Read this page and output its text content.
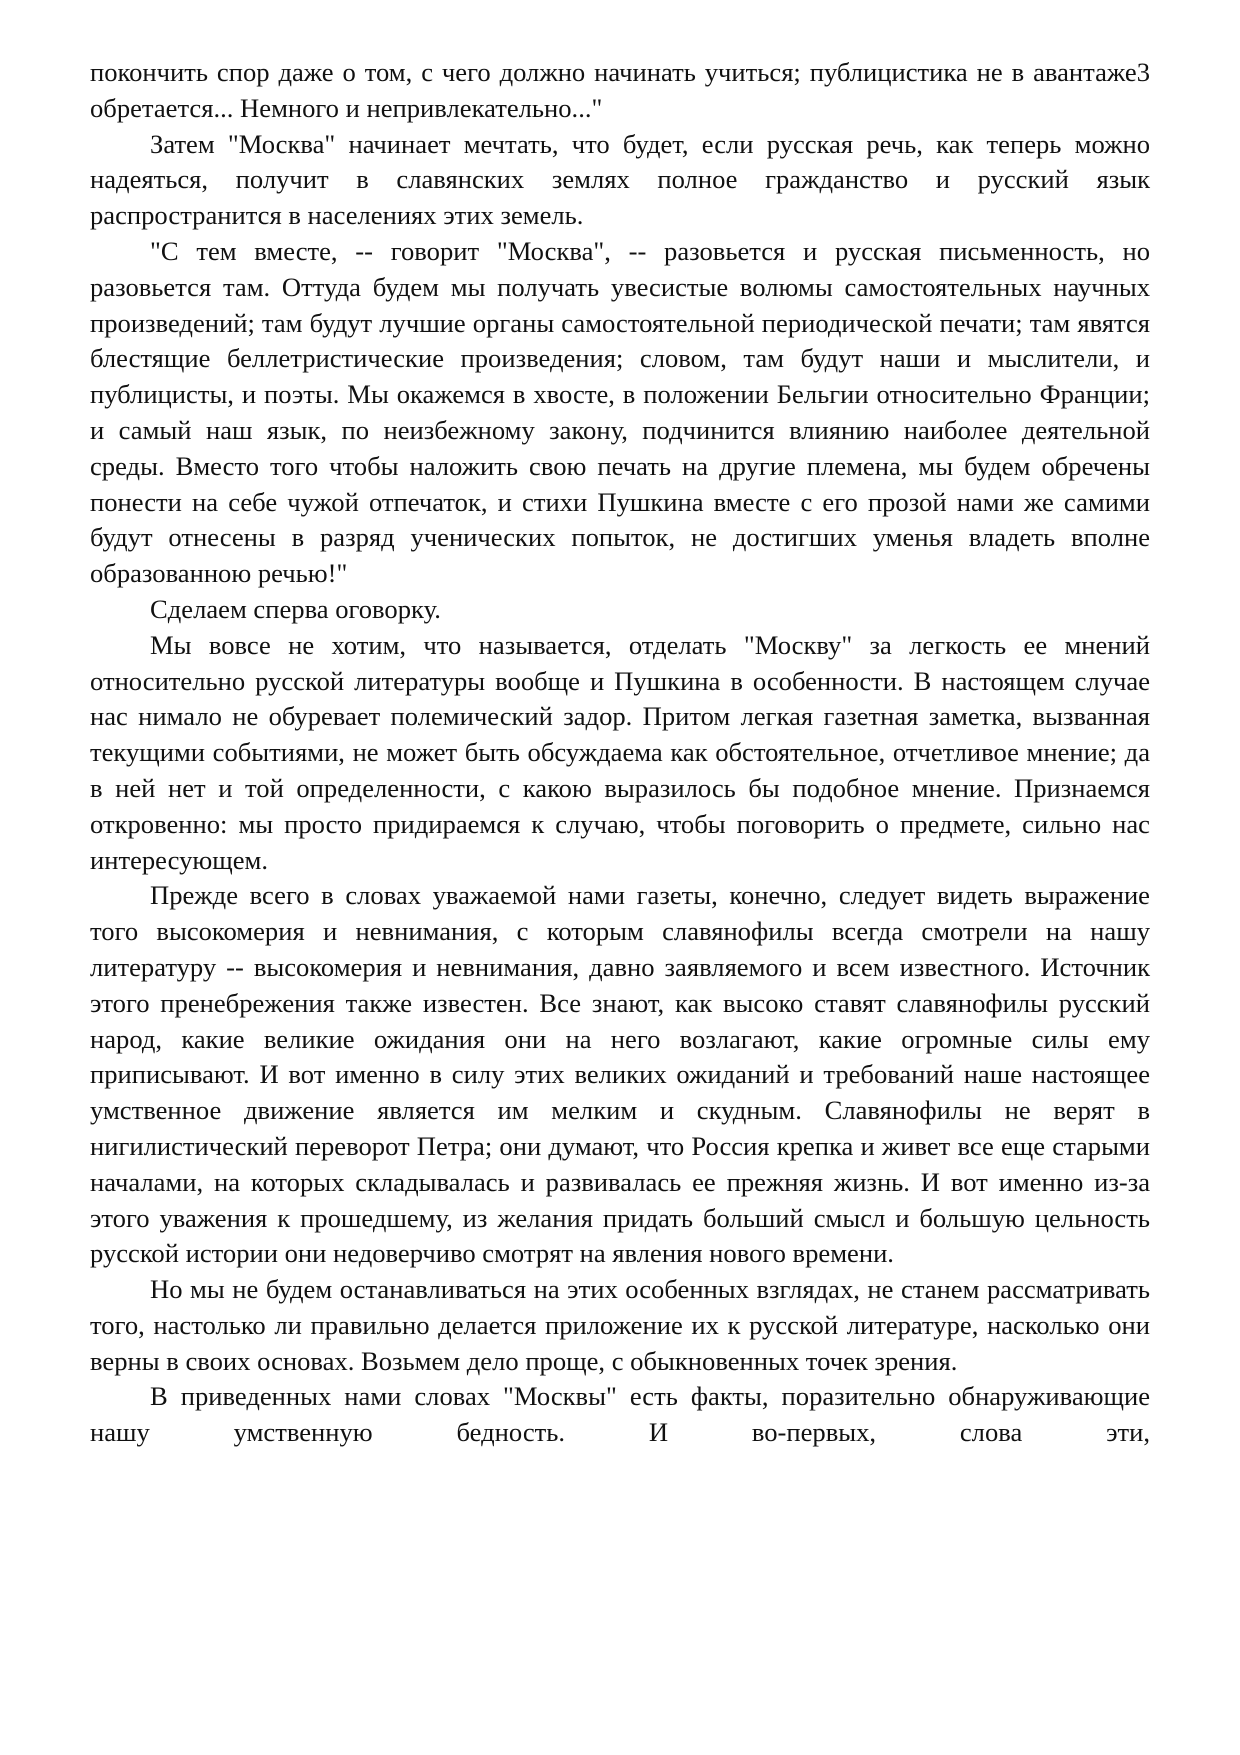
покончить спор даже о том, с чего должно начинать учиться; публицистика не в авантаже3 обретается... Немного и непривлекательно..."

Затем "Москва" начинает мечтать, что будет, если русская речь, как теперь можно надеяться, получит в славянских землях полное гражданство и русский язык распространится в населениях этих земель.

"С тем вместе, -- говорит "Москва", -- разовьется и русская письменность, но разовьется там. Оттуда будем мы получать увесистые волюмы самостоятельных научных произведений; там будут лучшие органы самостоятельной периодической печати; там явятся блестящие беллетристические произведения; словом, там будут наши и мыслители, и публицисты, и поэты. Мы окажемся в хвосте, в положении Бельгии относительно Франции; и самый наш язык, по неизбежному закону, подчинится влиянию наиболее деятельной среды. Вместо того чтобы наложить свою печать на другие племена, мы будем обречены понести на себе чужой отпечаток, и стихи Пушкина вместе с его прозой нами же самими будут отнесены в разряд ученических попыток, не достигших уменья владеть вполне образованною речью!"

Сделаем сперва оговорку.

Мы вовсе не хотим, что называется, отделать "Москву" за легкость ее мнений относительно русской литературы вообще и Пушкина в особенности. В настоящем случае нас нимало не обуревает полемический задор. Притом легкая газетная заметка, вызванная текущими событиями, не может быть обсуждаема как обстоятельное, отчетливое мнение; да в ней нет и той определенности, с какою выразилось бы подобное мнение. Признаемся откровенно: мы просто придираемся к случаю, чтобы поговорить о предмете, сильно нас интересующем.

Прежде всего в словах уважаемой нами газеты, конечно, следует видеть выражение того высокомерия и невнимания, с которым славянофилы всегда смотрели на нашу литературу -- высокомерия и невнимания, давно заявляемого и всем известного. Источник этого пренебрежения также известен. Все знают, как высоко ставят славянофилы русский народ, какие великие ожидания они на него возлагают, какие огромные силы ему приписывают. И вот именно в силу этих великих ожиданий и требований наше настоящее умственное движение является им мелким и скудным. Славянофилы не верят в нигилистический переворот Петра; они думают, что Россия крепка и живет все еще старыми началами, на которых складывалась и развивалась ее прежняя жизнь. И вот именно из-за этого уважения к прошедшему, из желания придать больший смысл и большую цельность русской истории они недоверчиво смотрят на явления нового времени.

Но мы не будем останавливаться на этих особенных взглядах, не станем рассматривать того, настолько ли правильно делается приложение их к русской литературе, насколько они верны в своих основах. Возьмем дело проще, с обыкновенных точек зрения.

В приведенных нами словах "Москвы" есть факты, поразительно обнаруживающие нашу умственную бедность. И во-первых, слова эти,
